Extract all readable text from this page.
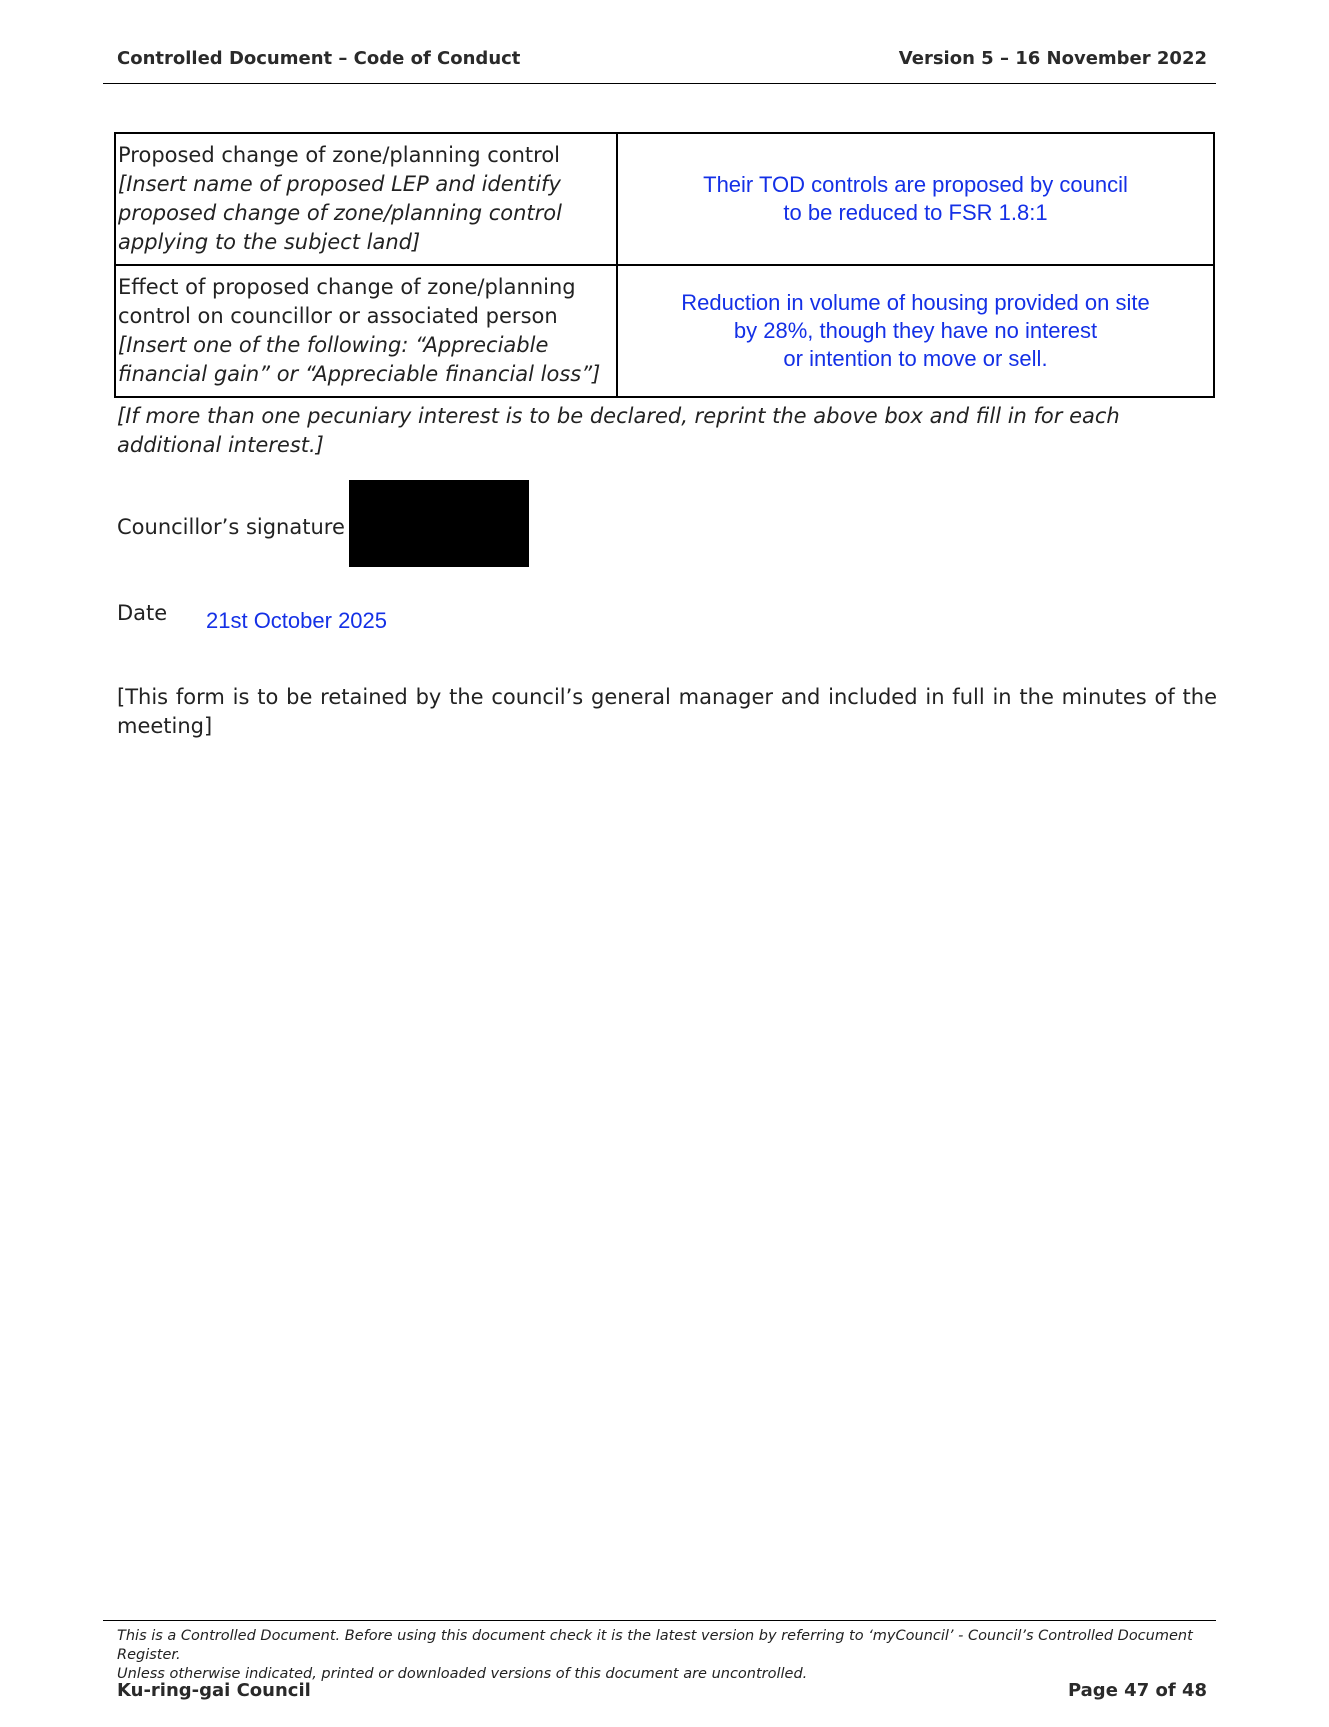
Controlled Document – Code of Conduct	Version 5 – 16 November 2022
Proposed change of zone/planning control
[Insert name of proposed LEP and identify proposed change of zone/planning control applying to the subject land]	Their TOD controls are proposed by council
to be reduced to FSR 1.8:1
Effect of proposed change of zone/planning control on councillor or associated person
[Insert one of the following: “Appreciable financial gain” or “Appreciable financial loss”]	Reduction in volume of housing provided on site
by 28%, though they have no interest
or intention to move or sell.
[If more than one pecuniary interest is to be declared, reprint the above box and fill in for each additional interest.]
Councillor’s signature
Date 21st October 2025
[This form is to be retained by the council’s general manager and included in full in the minutes of the meeting]
This is a Controlled Document. Before using this document check it is the latest version by referring to ‘myCouncil’ - Council’s Controlled Document Register.
Unless otherwise indicated, printed or downloaded versions of this document are uncontrolled.
Ku-ring-gai Council	Page 47 of 48
